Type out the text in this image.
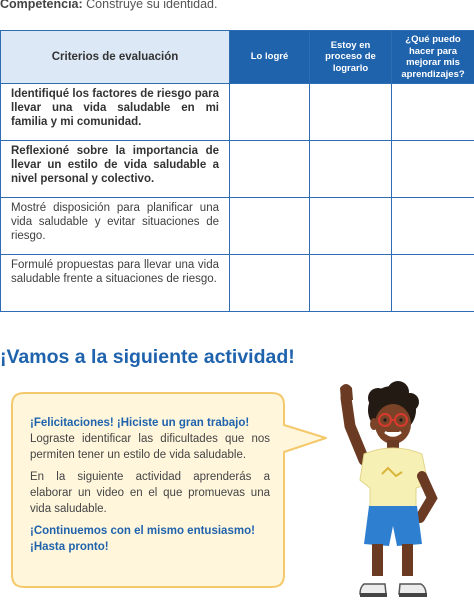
Competencia: Construye su identidad.
Criterios de evaluación	Lo logré	Estoy en proceso de lograrlo	¿Qué puedo hacer para mejorar mis aprendizajes?
Identifiqué los factores de riesgo para llevar una vida saludable en mi familia y mi comunidad.			
Reflexioné sobre la importancia de llevar un estilo de vida saludable a nivel personal y colectivo.			
Mostré disposición para planificar una vida saludable y evitar situaciones de riesgo.			
Formulé propuestas para llevar una vida saludable frente a situaciones de riesgo.			
¡Vamos a la siguiente actividad!

¡Felicitaciones! ¡Hiciste un gran trabajo!

Lograste identificar las dificultades que nos permiten tener un estilo de vida saludable.

En la siguiente actividad aprenderás a elaborar un video en el que promuevas una vida saludable.

¡Continuemos con el mismo entusiasmo!

¡Hasta pronto!
